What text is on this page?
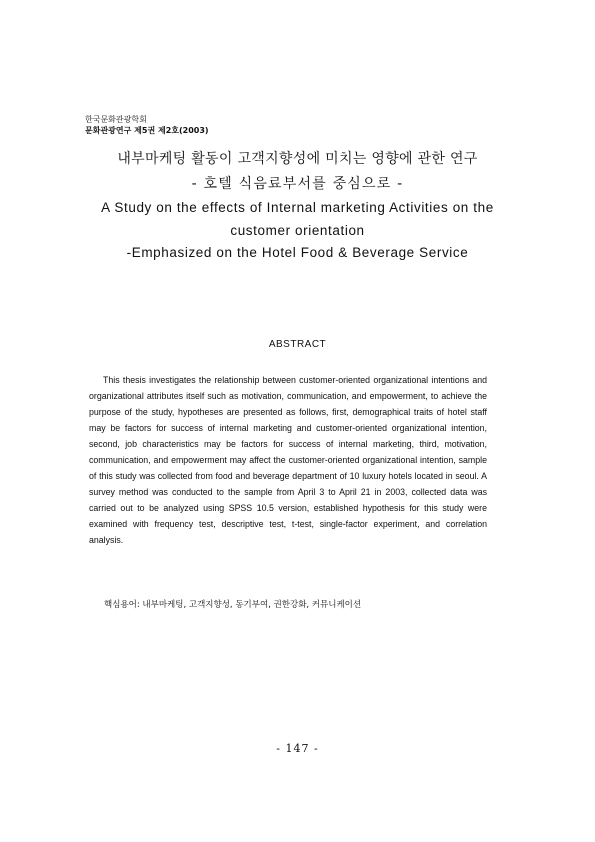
한국문화관광학회
문화관광연구 제5권 제2호(2003)
내부마케팅 활동이 고객지향성에 미치는 영향에 관한 연구
- 호텔 식음료부서를 중심으로 -
A Study on the effects of Internal marketing Activities on the
customer orientation
-Emphasized on the Hotel Food & Beverage Service
ABSTRACT

This thesis investigates the relationship between customer-oriented organizational intentions and organizational attributes itself such as motivation, communication, and empowerment, to achieve the purpose of the study, hypotheses are presented as follows, first, demographical traits of hotel staff may be factors for success of internal marketing and customer-oriented organizational intention, second, job characteristics may be factors for success of internal marketing, third, motivation, communication, and empowerment may affect the customer-oriented organizational intention, sample of this study was collected from food and beverage department of 10 luxury hotels located in seoul. A survey method was conducted to the sample from April 3 to April 21 in 2003, collected data was carried out to be analyzed using SPSS 10.5 version, established hypothesis for this study were examined with frequency test, descriptive test, t-test, single-factor experiment, and correlation analysis.

핵심용어: 내부마케팅, 고객지향성, 동기부여, 권한강화, 커뮤니케이션
- 147 -
